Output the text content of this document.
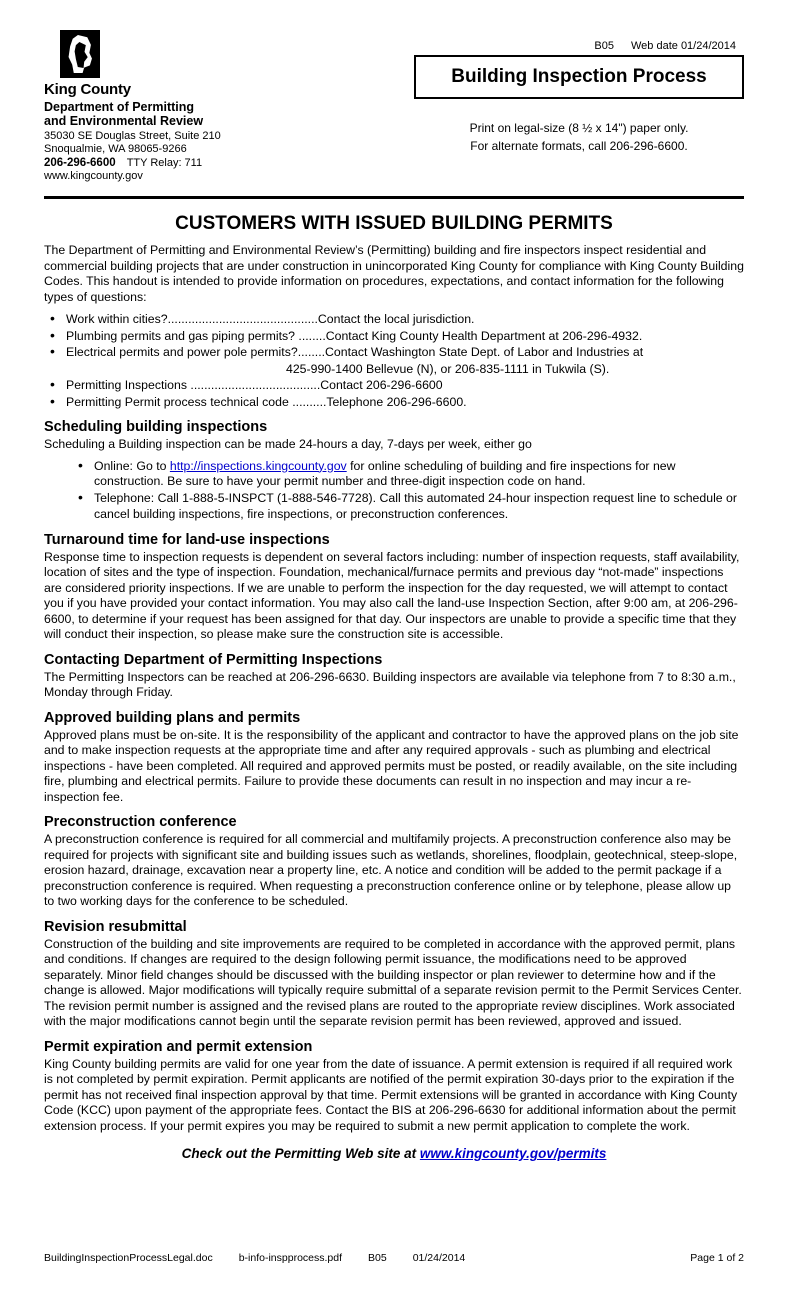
King County
Department of Permitting
and Environmental Review
35030 SE Douglas Street, Suite 210
Snoqualmie, WA 98065-9266
206-296-6600 TTY Relay: 711
www.kingcounty.gov
B05 Web date 01/24/2014
Building Inspection Process
Print on legal-size (8 ½ x 14") paper only.
For alternate formats, call 206-296-6600.
CUSTOMERS WITH ISSUED BUILDING PERMITS

The Department of Permitting and Environmental Review’s (Permitting) building and fire inspectors inspect residential and commercial building projects that are under construction in unincorporated King County for compliance with King County Building Codes. This handout is intended to provide information on procedures, expectations, and contact information for the following types of questions:

• Work within cities?............................................Contact the local jurisdiction.
• Plumbing permits and gas piping permits? ........Contact King County Health Department at 206-296-4932.
• Electrical permits and power pole permits?........Contact Washington State Dept. of Labor and Industries at
425-990-1400 Bellevue (N), or 206-835-1111 in Tukwila (S).
• Permitting Inspections ......................................Contact 206-296-6600
• Permitting Permit process technical code ..........Telephone 206-296-6600.
Scheduling building inspections

Scheduling a Building inspection can be made 24-hours a day, 7-days per week, either go

• Online: Go to http://inspections.kingcounty.gov for online scheduling of building and fire inspections for new construction. Be sure to have your permit number and three-digit inspection code on hand.
• Telephone: Call 1-888-5-INSPCT (1-888-546-7728). Call this automated 24-hour inspection request line to schedule or cancel building inspections, fire inspections, or preconstruction conferences.
Turnaround time for land-use inspections

Response time to inspection requests is dependent on several factors including: number of inspection requests, staff availability, location of sites and the type of inspection. Foundation, mechanical/furnace permits and previous day “not-made” inspections are considered priority inspections. If we are unable to perform the inspection for the day requested, we will attempt to contact you if you have provided your contact information. You may also call the land-use Inspection Section, after 9:00 am, at 206-296-6600, to determine if your request has been assigned for that day. Our inspectors are unable to provide a specific time that they will conduct their inspection, so please make sure the construction site is accessible.

Contacting Department of Permitting Inspections

The Permitting Inspectors can be reached at 206-296-6630. Building inspectors are available via telephone from 7 to 8:30 a.m., Monday through Friday.

Approved building plans and permits

Approved plans must be on-site. It is the responsibility of the applicant and contractor to have the approved plans on the job site and to make inspection requests at the appropriate time and after any required approvals - such as plumbing and electrical inspections - have been completed. All required and approved permits must be posted, or readily available, on the site including fire, plumbing and electrical permits. Failure to provide these documents can result in no inspection and may incur a re-inspection fee.

Preconstruction conference

A preconstruction conference is required for all commercial and multifamily projects. A preconstruction conference also may be required for projects with significant site and building issues such as wetlands, shorelines, floodplain, geotechnical, steep-slope, erosion hazard, drainage, excavation near a property line, etc. A notice and condition will be added to the permit package if a preconstruction conference is required. When requesting a preconstruction conference online or by telephone, please allow up to two working days for the conference to be scheduled.

Revision resubmittal

Construction of the building and site improvements are required to be completed in accordance with the approved permit, plans and conditions. If changes are required to the design following permit issuance, the modifications need to be approved separately. Minor field changes should be discussed with the building inspector or plan reviewer to determine how and if the change is allowed. Major modifications will typically require submittal of a separate revision permit to the Permit Services Center. The revision permit number is assigned and the revised plans are routed to the appropriate review disciplines. Work associated with the major modifications cannot begin until the separate revision permit has been reviewed, approved and issued.

Permit expiration and permit extension

King County building permits are valid for one year from the date of issuance. A permit extension is required if all required work is not completed by permit expiration. Permit applicants are notified of the permit expiration 30-days prior to the expiration if the permit has not received final inspection approval by that time. Permit extensions will be granted in accordance with King County Code (KCC) upon payment of the appropriate fees. Contact the BIS at 206-296-6630 for additional information about the permit extension process. If your permit expires you may be required to submit a new permit application to complete the work.

Check out the Permitting Web site at www.kingcounty.gov/permits
BuildingInspectionProcessLegal.doc b-info-inspprocess.pdf B05 01/24/2014	Page 1 of 2
